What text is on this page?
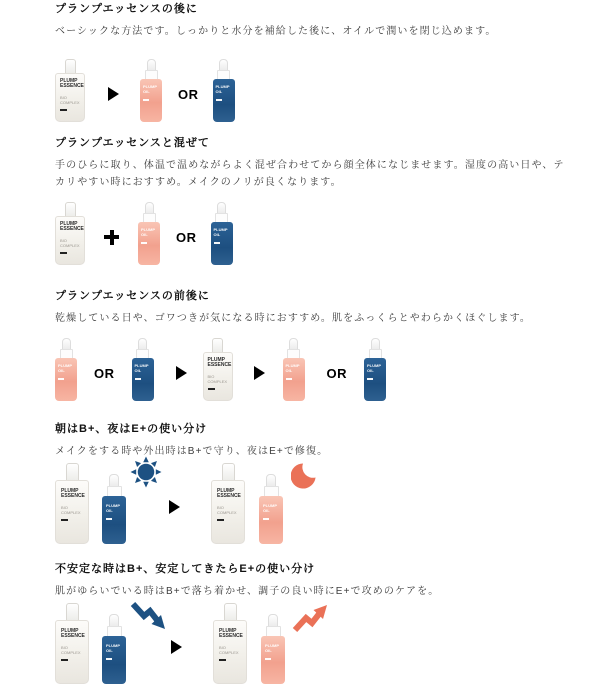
プランプエッセンスの後に
ベーシックな方法です。しっかりと水分を補給した後に、オイルで潤いを閉じ込めます。
PLUMP ESSENCE
BIO COMPLEX
PLUMP OIL	OR	PLUMP OIL
プランプエッセンスと混ぜて
手のひらに取り、体温で温めながらよく混ぜ合わせてから顔全体になじませます。湿度の高い日や、テカリやすい時におすすめ。メイクのノリが良くなります。
PLUMP ESSENCE
BIO COMPLEX
PLUMP OIL	OR	PLUMP OIL
プランプエッセンスの前後に
乾燥している日や、ゴワつきが気になる時におすすめ。肌をふっくらとやわらかくほぐします。
PLUMP OIL	OR	PLUMP OIL
PLUMP ESSENCE
BIO COMPLEX
PLUMP OIL	OR	PLUMP OIL
朝はB+、夜はE+の使い分け
メイクをする時や外出時はB+で守り、夜はE+で修復。
PLUMP ESSENCE
BIO COMPLEX
PLUMP OIL
PLUMP ESSENCE
BIO COMPLEX
PLUMP OIL
不安定な時はB+、安定してきたらE+の使い分け
肌がゆらいでいる時はB+で落ち着かせ、調子の良い時にE+で攻めのケアを。
PLUMP ESSENCE
BIO COMPLEX
PLUMP OIL
PLUMP ESSENCE
BIO COMPLEX
PLUMP OIL
